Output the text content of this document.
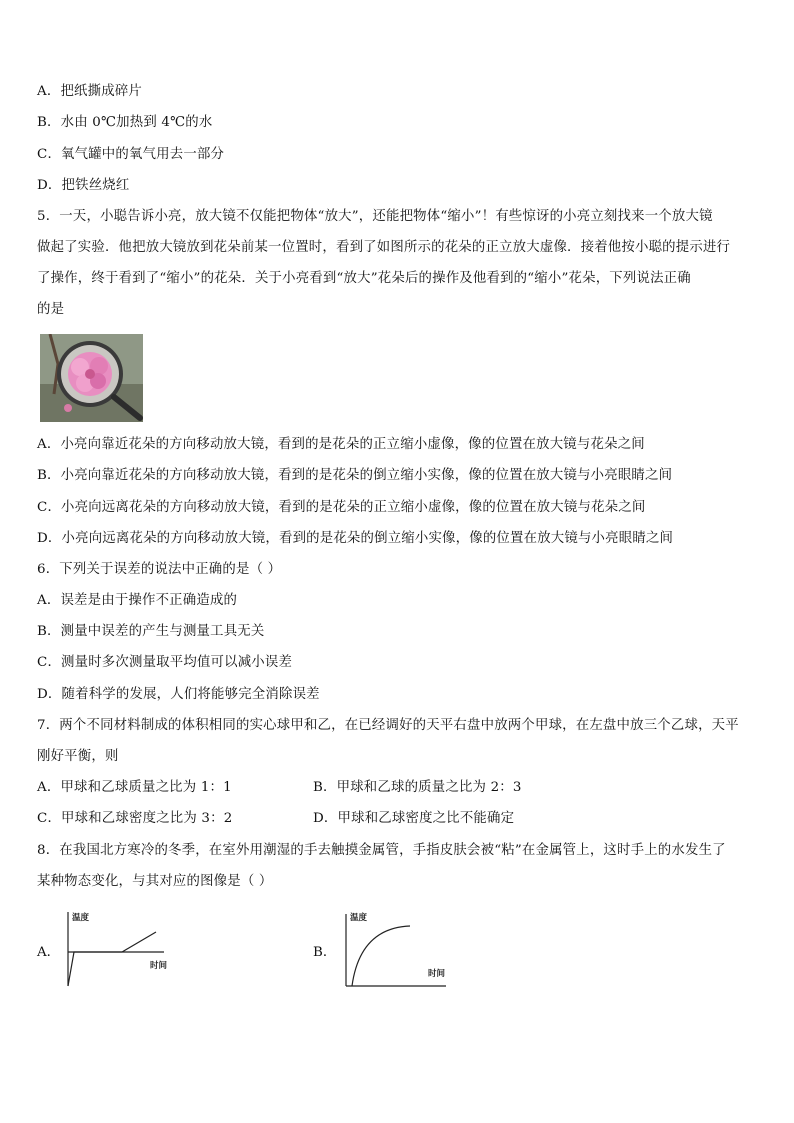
A．把纸撕成碎片
B．水由 0℃加热到 4℃的水
C．氧气罐中的氧气用去一部分
D．把铁丝烧红
5．一天，小聪告诉小亮，放大镜不仅能把物体“放大”，还能把物体“缩小”！有些惊讶的小亮立刻找来一个放大镜
做起了实验．他把放大镜放到花朵前某一位置时，看到了如图所示的花朵的正立放大虚像．接着他按小聪的提示进行
了操作，终于看到了“缩小”的花朵．关于小亮看到“放大”花朵后的操作及他看到的“缩小”花朵，下列说法正确
的是
A．小亮向靠近花朵的方向移动放大镜，看到的是花朵的正立缩小虚像，像的位置在放大镜与花朵之间
B．小亮向靠近花朵的方向移动放大镜，看到的是花朵的倒立缩小实像，像的位置在放大镜与小亮眼睛之间
C．小亮向远离花朵的方向移动放大镜，看到的是花朵的正立缩小虚像，像的位置在放大镜与花朵之间
D．小亮向远离花朵的方向移动放大镜，看到的是花朵的倒立缩小实像，像的位置在放大镜与小亮眼睛之间
6．下列关于误差的说法中正确的是（ ）
A．误差是由于操作不正确造成的
B．测量中误差的产生与测量工具无关
C．测量时多次测量取平均值可以减小误差
D．随着科学的发展，人们将能够完全消除误差
7．两个不同材料制成的体积相同的实心球甲和乙，在已经调好的天平右盘中放两个甲球，在左盘中放三个乙球，天平
刚好平衡，则
A．甲球和乙球质量之比为 1：1	B．甲球和乙球的质量之比为 2：3
C．甲球和乙球密度之比为 3：2	D．甲球和乙球密度之比不能确定
8．在我国北方寒冷的冬季，在室外用潮湿的手去触摸金属管，手指皮肤会被“粘”在金属管上，这时手上的水发生了
某种物态变化，与其对应的图像是（ ）
A．
温度
时间
B．
温度
时间
